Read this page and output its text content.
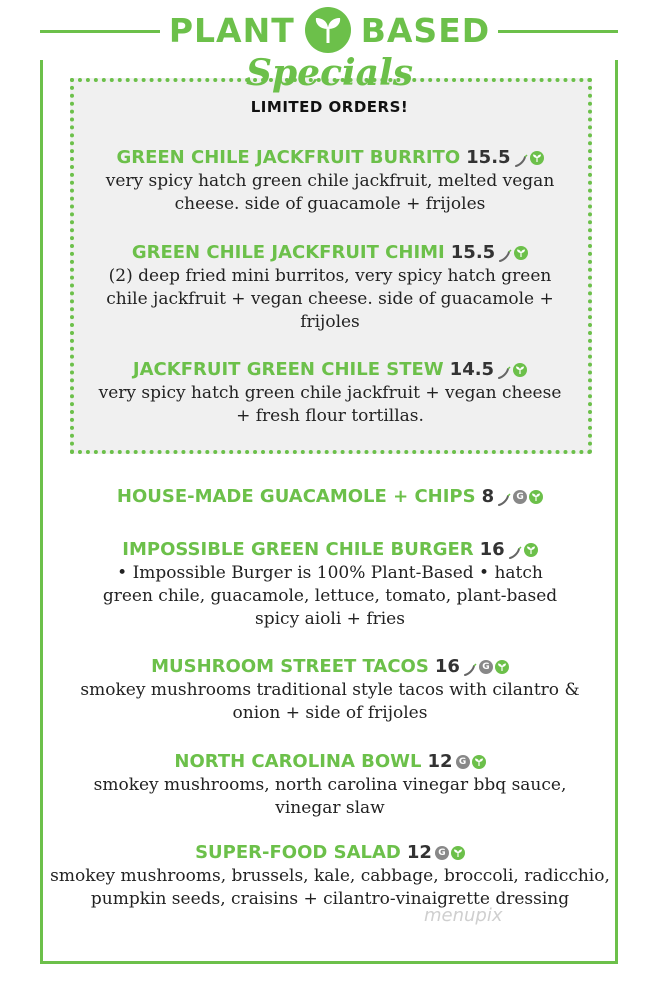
PLANT BASED
Specials
LIMITED ORDERS!
GREEN CHILE JACKFRUIT BURRITO 15.5
very spicy hatch green chile jackfruit, melted vegan cheese. side of guacamole + frijoles
GREEN CHILE JACKFRUIT CHIMI 15.5
(2) deep fried mini burritos, very spicy hatch green chile jackfruit + vegan cheese. side of guacamole + frijoles
JACKFRUIT GREEN CHILE STEW 14.5
very spicy hatch green chile jackfruit + vegan cheese + fresh flour tortillas.
HOUSE-MADE GUACAMOLE + CHIPS 8	G
IMPOSSIBLE GREEN CHILE BURGER 16
• Impossible Burger is 100% Plant-Based • hatch green chile, guacamole, lettuce, tomato, plant-based spicy aioli + fries
MUSHROOM STREET TACOS 16	G
smokey mushrooms traditional style tacos with cilantro & onion + side of frijoles
NORTH CAROLINA BOWL 12 G
smokey mushrooms, north carolina vinegar bbq sauce, vinegar slaw
SUPER-FOOD SALAD 12 G
smokey mushrooms, brussels, kale, cabbage, broccoli, radicchio, pumpkin seeds, craisins + cilantro-vinaigrette dressing
menupix
